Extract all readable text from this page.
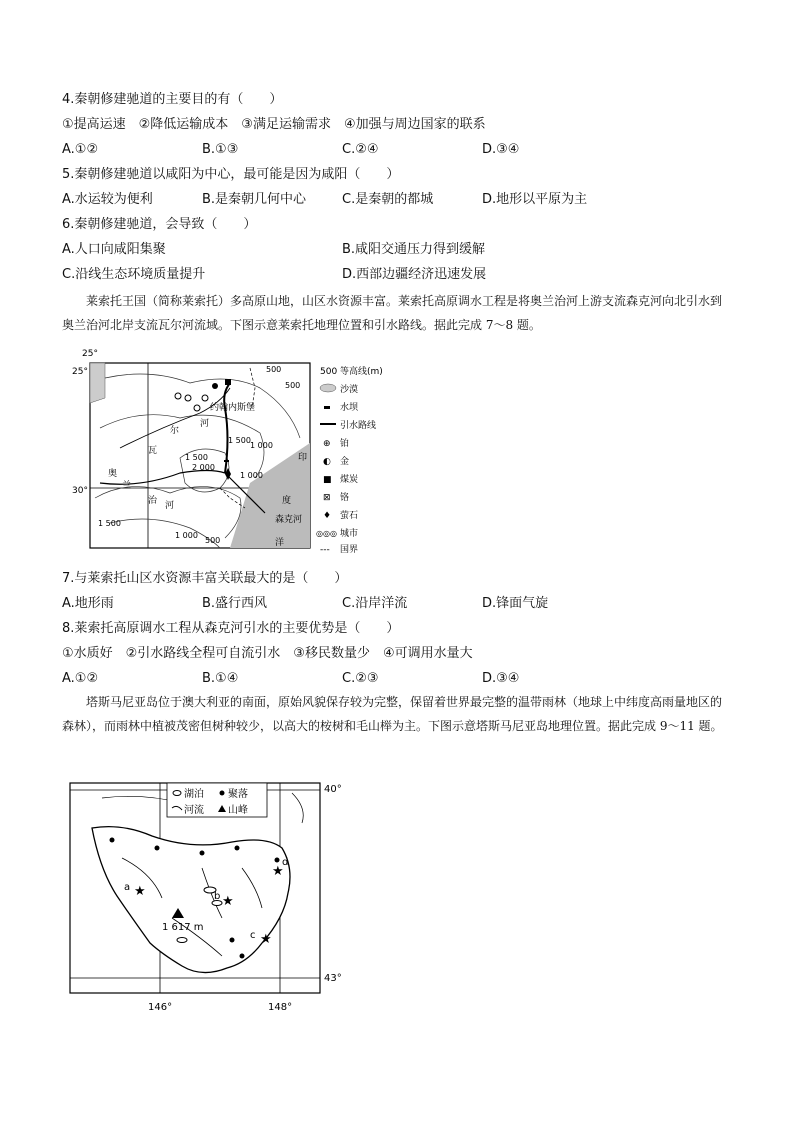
4.秦朝修建驰道的主要目的有（　　）
①提高运速　②降低运输成本　③满足运输需求　④加强与周边国家的联系
A.①②	B.①③	C.②④	D.③④
5.秦朝修建驰道以咸阳为中心，最可能是因为咸阳（　　）
A.水运较为便利	B.是秦朝几何中心	C.是秦朝的都城	D.地形以平原为主
6.秦朝修建驰道，会导致（　　）
A.人口向咸阳集聚	B.咸阳交通压力得到缓解
C.沿线生态环境质量提升	D.西部边疆经济迅速发展
莱索托王国（简称莱索托）多高原山地，山区水资源丰富。莱索托高原调水工程是将奥兰治河上游支流森克河向北引水到奥兰治河北岸支流瓦尔河流域。下图示意莱索托地理位置和引水路线。据此完成 7～8 题。
25°
25°
30°
500
1 500
1 000
1 500
2 000
1 000
1 500
1 000
500
500
约翰内斯堡
瓦
尔
河
奥
兰
治 河
印
度
洋
森克河
500 等高线(m)
沙漠
水坝
引水路线
⊕ 铂
◐ 金
■ 煤炭
⊠ 铬
♦ 萤石
◎◎◎ 城市
--- 国界
7.与莱索托山区水资源丰富关联最大的是（　　）
A.地形雨	B.盛行西风	C.沿岸洋流	D.锋面气旋
8.莱索托高原调水工程从森克河引水的主要优势是（　　）
①水质好　②引水路线全程可自流引水　③移民数量少　④可调用水量大
A.①②	B.①④	C.②③	D.③④
塔斯马尼亚岛位于澳大利亚的南面，原始风貌保存较为完整，保留着世界最完整的温带雨林（地球上中纬度高雨量地区的森林），而雨林中植被茂密但树种较少，以高大的桉树和毛山榉为主。下图示意塔斯马尼亚岛地理位置。据此完成 9～11 题。
1 617 m
★
★
★
★
a
b
c
d
湖泊 聚落
河流 山峰
40°
43°
146°	148°
